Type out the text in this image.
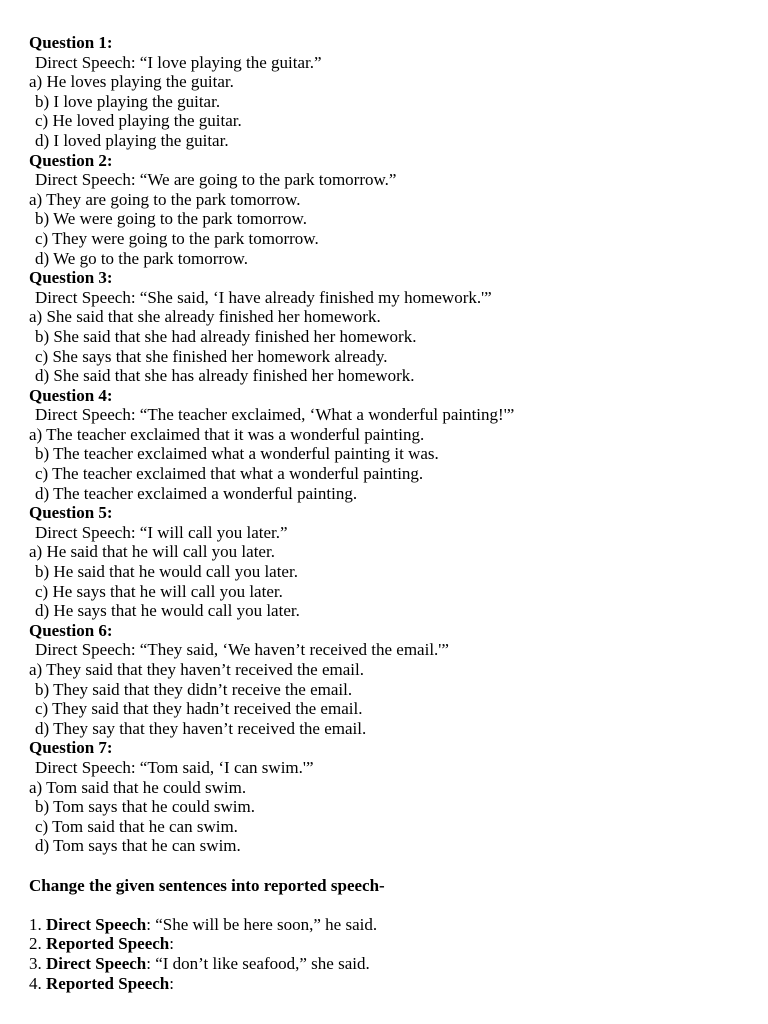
Question 1:
Direct Speech: “I love playing the guitar.”
a) He loves playing the guitar.
b) I love playing the guitar.
c) He loved playing the guitar.
d) I loved playing the guitar.
Question 2:
Direct Speech: “We are going to the park tomorrow.”
a) They are going to the park tomorrow.
b) We were going to the park tomorrow.
c) They were going to the park tomorrow.
d) We go to the park tomorrow.
Question 3:
Direct Speech: “She said, ‘I have already finished my homework.'”
a) She said that she already finished her homework.
b) She said that she had already finished her homework.
c) She says that she finished her homework already.
d) She said that she has already finished her homework.
Question 4:
Direct Speech: “The teacher exclaimed, ‘What a wonderful painting!'”
a) The teacher exclaimed that it was a wonderful painting.
b) The teacher exclaimed what a wonderful painting it was.
c) The teacher exclaimed that what a wonderful painting.
d) The teacher exclaimed a wonderful painting.
Question 5:
Direct Speech: “I will call you later.”
a) He said that he will call you later.
b) He said that he would call you later.
c) He says that he will call you later.
d) He says that he would call you later.
Question 6:
Direct Speech: “They said, ‘We haven’t received the email.'”
a) They said that they haven’t received the email.
b) They said that they didn’t receive the email.
c) They said that they hadn’t received the email.
d) They say that they haven’t received the email.
Question 7:
Direct Speech: “Tom said, ‘I can swim.'”
a) Tom said that he could swim.
b) Tom says that he could swim.
c) Tom said that he can swim.
d) Tom says that he can swim.
Change the given sentences into reported speech-
1. Direct Speech: “She will be here soon,” he said.
2. Reported Speech:
3. Direct Speech: “I don’t like seafood,” she said.
4. Reported Speech:
